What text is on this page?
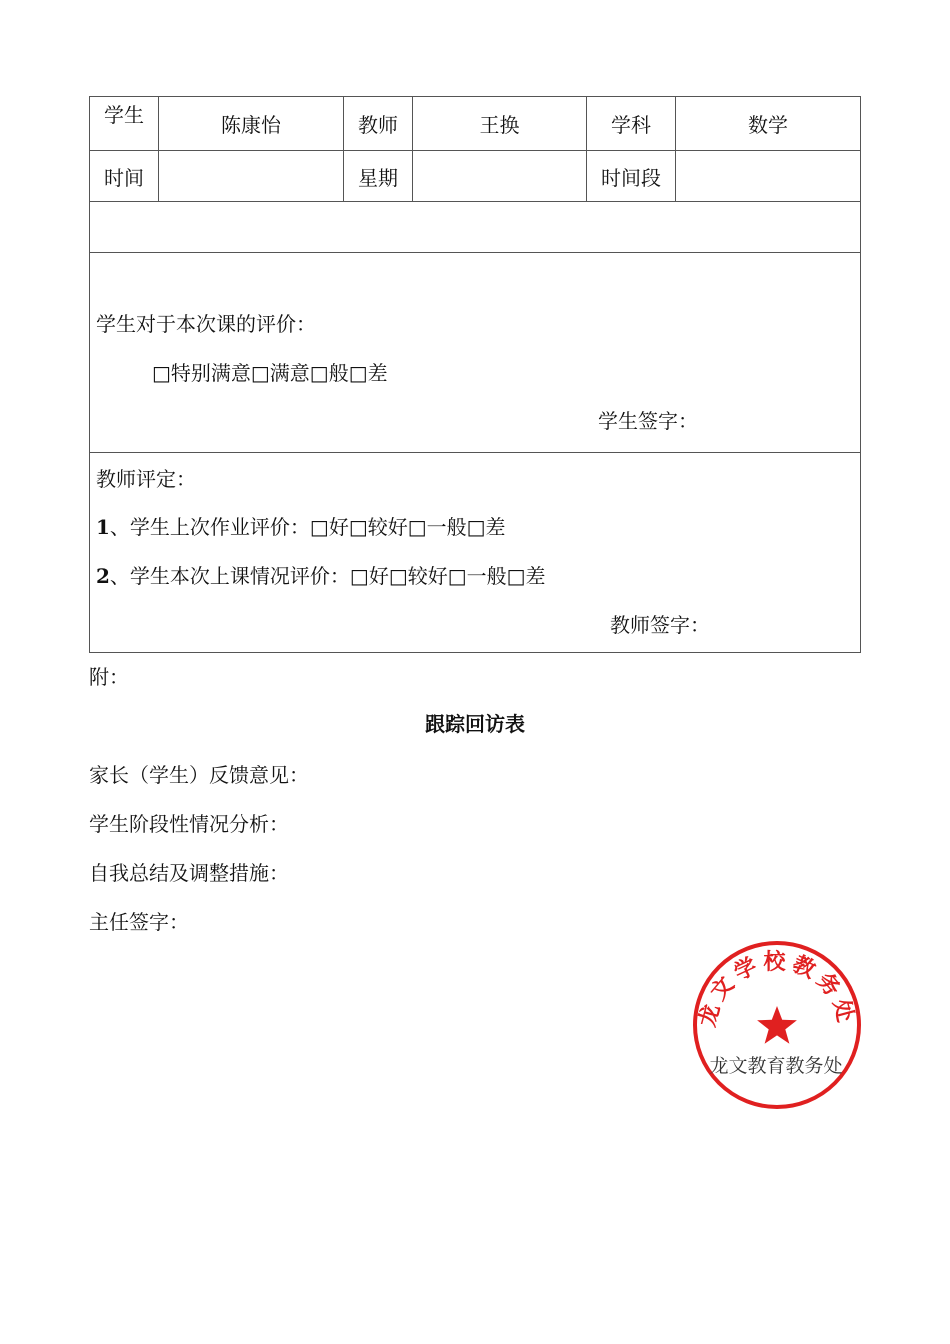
学生	陈康怡	教师	王换	学科	数学
时间		星期		时间段	

学生对于本次课的评价：
□特别满意□满意□般□差
学生签字：					

教师评定：
1、学生上次作业评价：□好□较好□一般□差
2、学生本次上课情况评价：□好□较好□一般□差
教师签字：					
附：
跟踪回访表
家长（学生）反馈意见：
学生阶段性情况分析：
自我总结及调整措施：
主任签字：
龙文学校教务处
龙文教育教务处
